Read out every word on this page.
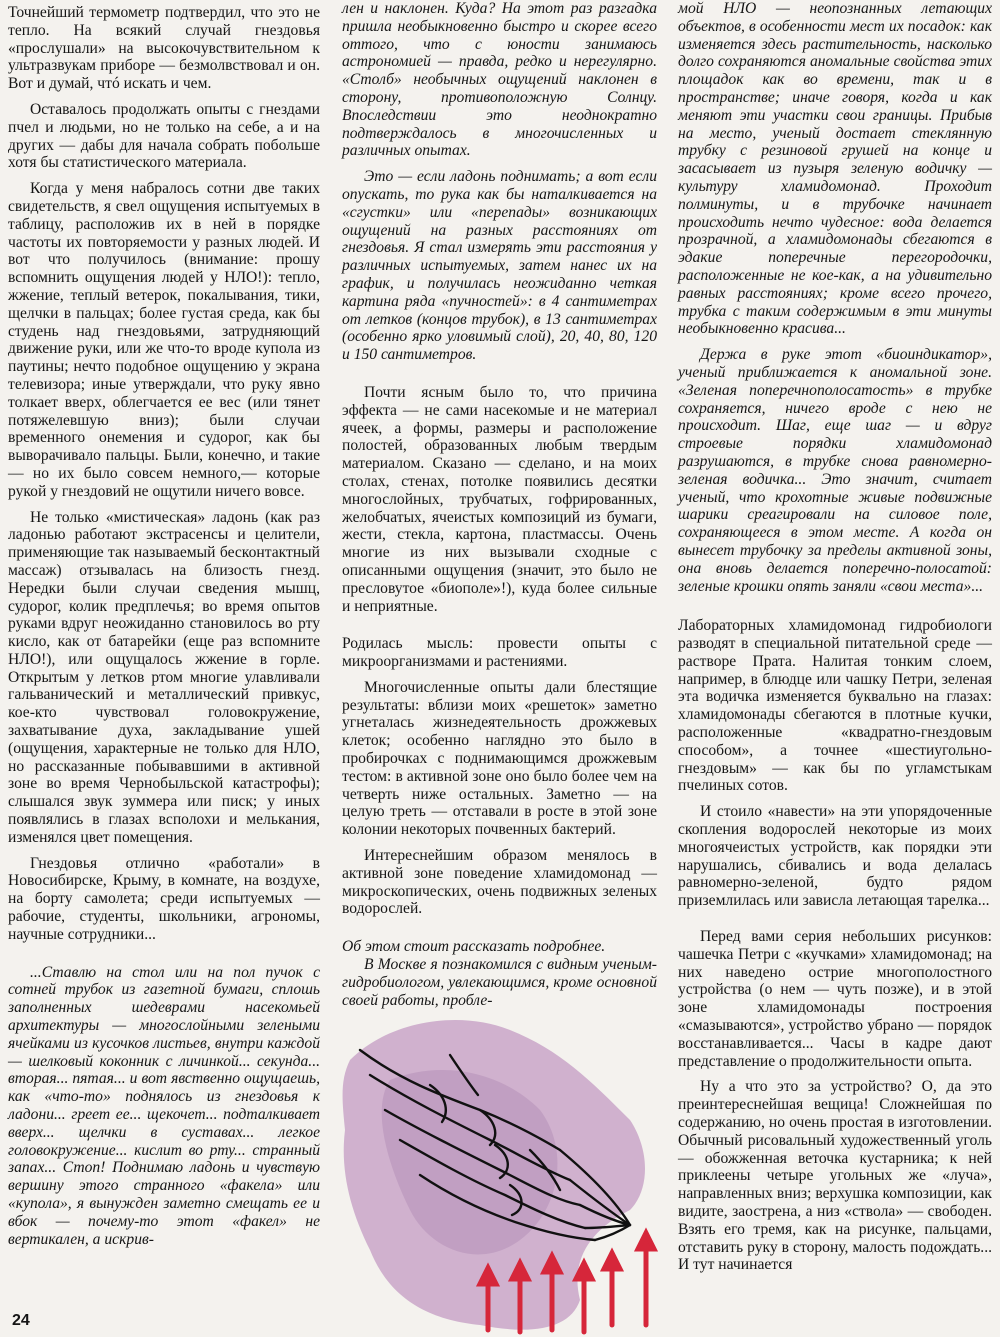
Точнейший термометр подтвердил, что это не тепло. На всякий случай гнездовья «прослушали» на высокочувствительном к ультразвукам приборе — безмолвствовал и он. Вот и думай, чтó искать и чем.

Оставалось продолжать опыты с гнездами пчел и людьми, но не только на себе, а и на других — дабы для начала собрать побольше хотя бы статистического материала.

Когда у меня набралось сотни две таких свидетельств, я свел ощущения испытуемых в таблицу, расположив их в ней в порядке частоты их повторяемости у разных людей. И вот что получилось (внимание: прошу вспомнить ощущения людей у НЛО!): тепло, жжение, теплый ветерок, покалывания, тики, щелчки в пальцах; более густая среда, как бы студень над гнездовьями, затрудняющий движение руки, или же что-то вроде купола из паутины; нечто подобное ощущению у экрана телевизора; иные утверждали, что руку явно толкает вверх, облегчается ее вес (или тянет потяжелевшую вниз); были случаи временного онемения и судорог, как бы выворачивало пальцы. Были, конечно, и такие — но их было совсем немного,— которые рукой у гнездовий не ощутили ничего вовсе.

Не только «мистическая» ладонь (как раз ладонью работают экстрасенсы и целители, применяющие так называемый бесконтактный массаж) отзывалась на близость гнезд. Нередки были случаи сведения мышц, судорог, колик предплечья; во время опытов руками вдруг неожиданно становилось во рту кисло, как от батарейки (еще раз вспомните НЛО!), или ощущалось жжение в горле. Открытым у летков ртом многие улавливали гальванический и металлический привкус, кое-кто чувствовал головокружение, захватывание духа, закладывание ушей (ощущения, характерные не только для НЛО, но рассказанные побывавшими в активной зоне во время Чернобыльской катастрофы); слышался звук зуммера или писк; у иных появлялись в глазах всполохи и мелькания, изменялся цвет помещения.

Гнездовья отлично «работали» в Новосибирске, Крыму, в комнате, на воздухе, на борту самолета; среди испытуемых — рабочие, студенты, школьники, агрономы, научные сотрудники...

...Ставлю на стол или на пол пучок с сотней трубок из газетной бумаги, сплошь заполненных шедеврами насекомьей архитектуры — многослойными зелеными ячейками из кусочков листьев, внутри каждой — шелковый коконник с личинкой... секунда... вторая... пятая... и вот явственно ощущаешь, как «что-то» поднялось из гнездовья к ладони... греет ее... щекочет... подталкивает вверх... щелчки в суставах... легкое головокружение... кислит во рту... странный запах... Стоп! Поднимаю ладонь и чувствую вершину этого странного «факела» или «купола», я вынужден заметно смещать ее и вбок — почему-то этот «факел» не вертикален, а искрив-

лен и наклонен. Куда? На этот раз разгадка пришла необыкновенно быстро и скорее всего оттого, что с юности занимаюсь астрономией — правда, редко и нерегулярно. «Столб» необычных ощущений наклонен в сторону, противоположную Солнцу. Впоследствии это неоднократно подтверждалось в многочисленных и различных опытах.

Это — если ладонь поднимать; а вот если опускать, то рука как бы наталкивается на «сгустки» или «перепады» возникающих ощущений на разных расстояниях от гнездовья. Я стал измерять эти расстояния у различных испытуемых, затем нанес их на график, и получилась неожиданно четкая картина ряда «пучностей»: в 4 сантиметрах от летков (концов трубок), в 13 сантиметрах (особенно ярко уловимый слой), 20, 40, 80, 120 и 150 сантиметров.

Почти ясным было то, что причина эффекта — не сами насекомые и не материал ячеек, а формы, размеры и расположение полостей, образованных любым твердым материалом. Сказано — сделано, и на моих столах, стенах, потолке появились десятки многослойных, трубчатых, гофрированных, желобчатых, ячеистых композиций из бумаги, жести, стекла, картона, пластмассы. Очень многие из них вызывали сходные с описанными ощущения (значит, это было не пресловутое «биополе»!), куда более сильные и неприятные.

Родилась мысль: провести опыты с микроорганизмами и растениями.

Многочисленные опыты дали блестящие результаты: вблизи моих «решеток» заметно угнеталась жизнедеятельность дрожжевых клеток; особенно наглядно это было в пробирочках с поднимающимся дрожжевым тестом: в активной зоне оно было более чем на четверть ниже остальных. Заметно — на целую треть — отставали в росте в этой зоне колонии некоторых почвенных бактерий.

Интереснейшим образом менялось в активной зоне поведение хламидомонад — микроскопических, очень подвижных зеленых водорослей.

Об этом стоит рассказать подробнее.

В Москве я познакомился с видным ученым-гидробиологом, увлекающимся, кроме основной своей работы, пробле-

мой НЛО — неопознанных летающих объектов, в особенности мест их посадок: как изменяется здесь растительность, насколько долго сохраняются аномальные свойства этих площадок как во времени, так и в пространстве; иначе говоря, когда и как меняют эти участки свои границы. Прибыв на место, ученый достает стеклянную трубку с резиновой грушей на конце и засасывает из пузыря зеленую водичку — культуру хламидомонад. Проходит полминуты, и в трубочке начинает происходить нечто чудесное: вода делается прозрачной, а хламидомонады сбегаются в эдакие поперечные перегородочки, расположенные не кое-как, а на удивительно равных расстояниях; кроме всего прочего, трубка с таким содержимым в эти минуты необыкновенно красива...

Держа в руке этот «биоиндикатор», ученый приближается к аномальной зоне. «Зеленая поперечнополосатость» в трубке сохраняется, ничего вроде с нею не происходит. Шаг, еще шаг — и вдруг строевые порядки хламидомонад разрушаются, в трубке снова равномерно-зеленая водичка... Это значит, считает ученый, что крохотные живые подвижные шарики среагировали на силовое поле, сохраняющееся в этом месте. А когда он вынесет трубочку за пределы активной зоны, она вновь делается поперечно-полосатой: зеленые крошки опять заняли «свои места»...

Лабораторных хламидомонад гидробиологи разводят в специальной питательной среде — растворе Прата. Налитая тонким слоем, например, в блюдце или чашку Петри, зеленая эта водичка изменяется буквально на глазах: хламидомонады сбегаются в плотные кучки, расположенные «квадратно-гнездовым способом», а точнее «шестиугольно-гнездовым» — как бы по угламстыкам пчелиных сотов.

И стоило «навести» на эти упорядоченные скопления водорослей некоторые из моих многоячеистых устройств, как порядки эти нарушались, сбивались и вода делалась равномерно-зеленой, будто рядом приземлилась или зависла летающая тарелка...

Перед вами серия небольших рисунков: чашечка Петри с «кучками» хламидомонад; на них наведено острие многополостного устройства (о нем — чуть позже), и в этой зоне хламидомонады построения «смазываются», устройство убрано — порядок восстанавливается... Часы в кадре дают представление о продолжительности опыта.

Ну а что это за устройство? О, да это преинтереснейшая вещица! Сложнейшая по содержанию, но очень простая в изготовлении. Обычный рисовальный художественный уголь — обожженная веточка кустарника; к ней приклеены четыре угольных же «луча», направленных вниз; верхушка композиции, как видите, заострена, а низ «ствола» — свободен. Взять его тремя, как на рисунке, пальцами, отставить руку в сторону, малость подождать... И тут начинается

24
